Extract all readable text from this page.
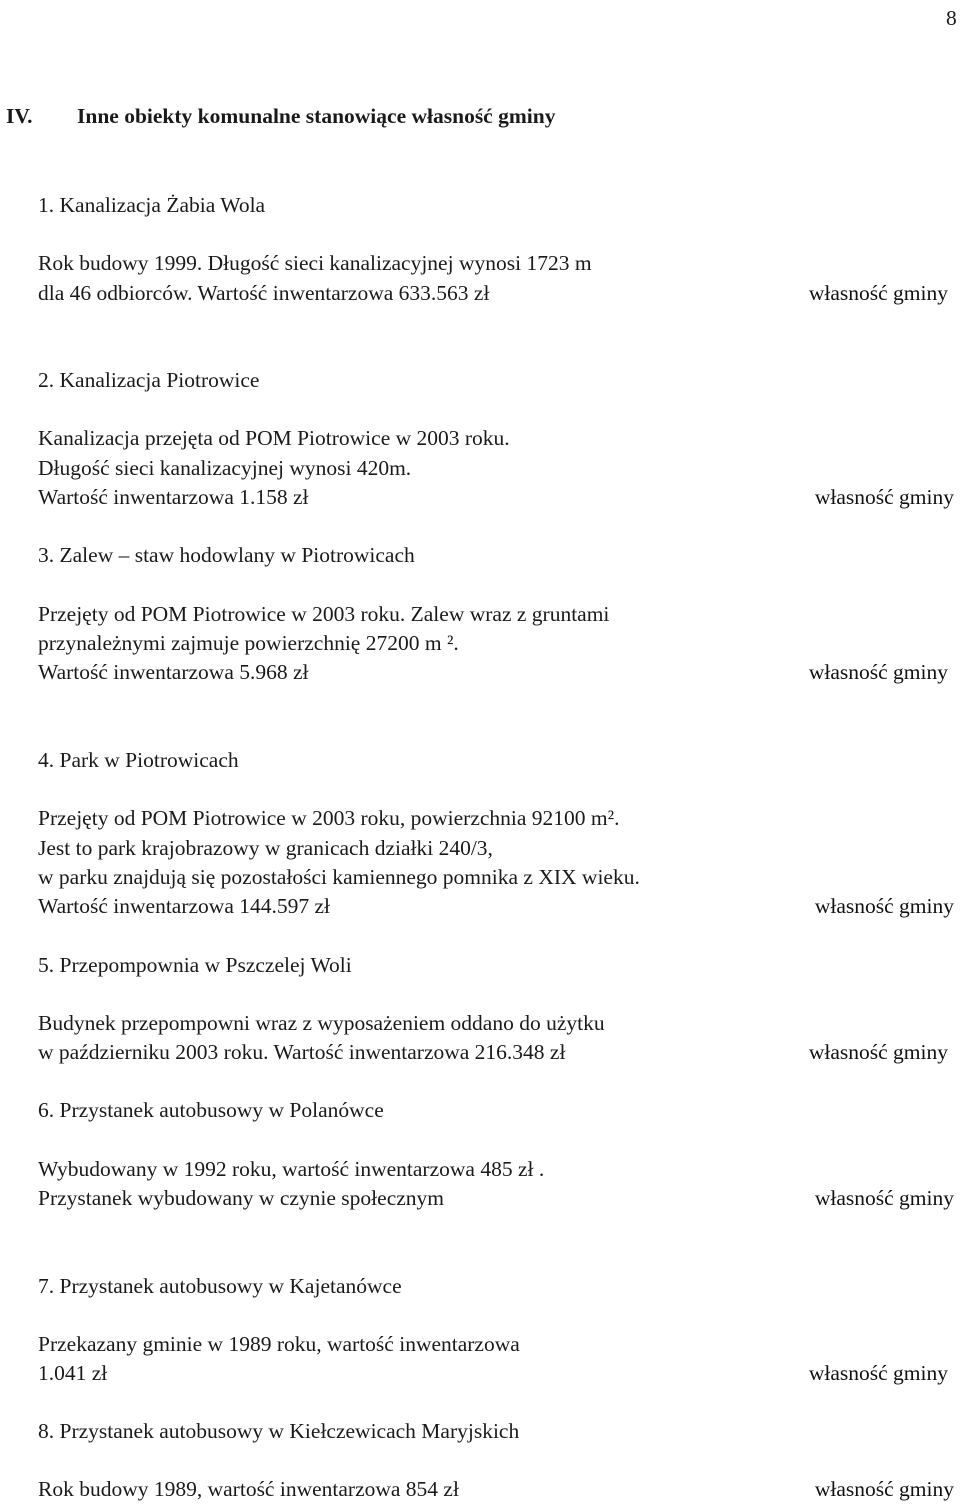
8
IV. Inne obiekty komunalne stanowiące własność gminy
1. Kanalizacja Żabia Wola
Rok budowy 1999. Długość sieci kanalizacyjnej wynosi 1723 m
dla 46 odbiorców. Wartość inwentarzowa 633.563 zł	własność gminy
2. Kanalizacja Piotrowice
Kanalizacja przejęta od POM Piotrowice w 2003 roku.
Długość sieci kanalizacyjnej wynosi 420m.
Wartość inwentarzowa 1.158 zł	własność gminy
3. Zalew – staw hodowlany w Piotrowicach
Przejęty od POM Piotrowice w 2003 roku. Zalew wraz z gruntami
przynależnymi zajmuje powierzchnię 27200 m ².
Wartość inwentarzowa 5.968 zł	własność gminy
4. Park w Piotrowicach
Przejęty od POM Piotrowice w 2003 roku, powierzchnia 92100 m².
Jest to park krajobrazowy w granicach działki 240/3,
w parku znajdują się pozostałości kamiennego pomnika z XIX wieku.
Wartość inwentarzowa 144.597 zł	własność gminy
5. Przepompownia w Pszczelej Woli
Budynek przepompowni wraz z wyposażeniem oddano do użytku
w październiku 2003 roku. Wartość inwentarzowa 216.348 zł	własność gminy
6. Przystanek autobusowy w Polanówce
Wybudowany w 1992 roku, wartość inwentarzowa 485 zł .
Przystanek wybudowany w czynie społecznym	własność gminy
7. Przystanek autobusowy w Kajetanówce
Przekazany gminie w 1989 roku, wartość inwentarzowa
1.041 zł	własność gminy
8. Przystanek autobusowy w Kiełczewicach Maryjskich
Rok budowy 1989, wartość inwentarzowa 854 zł	własność gminy
